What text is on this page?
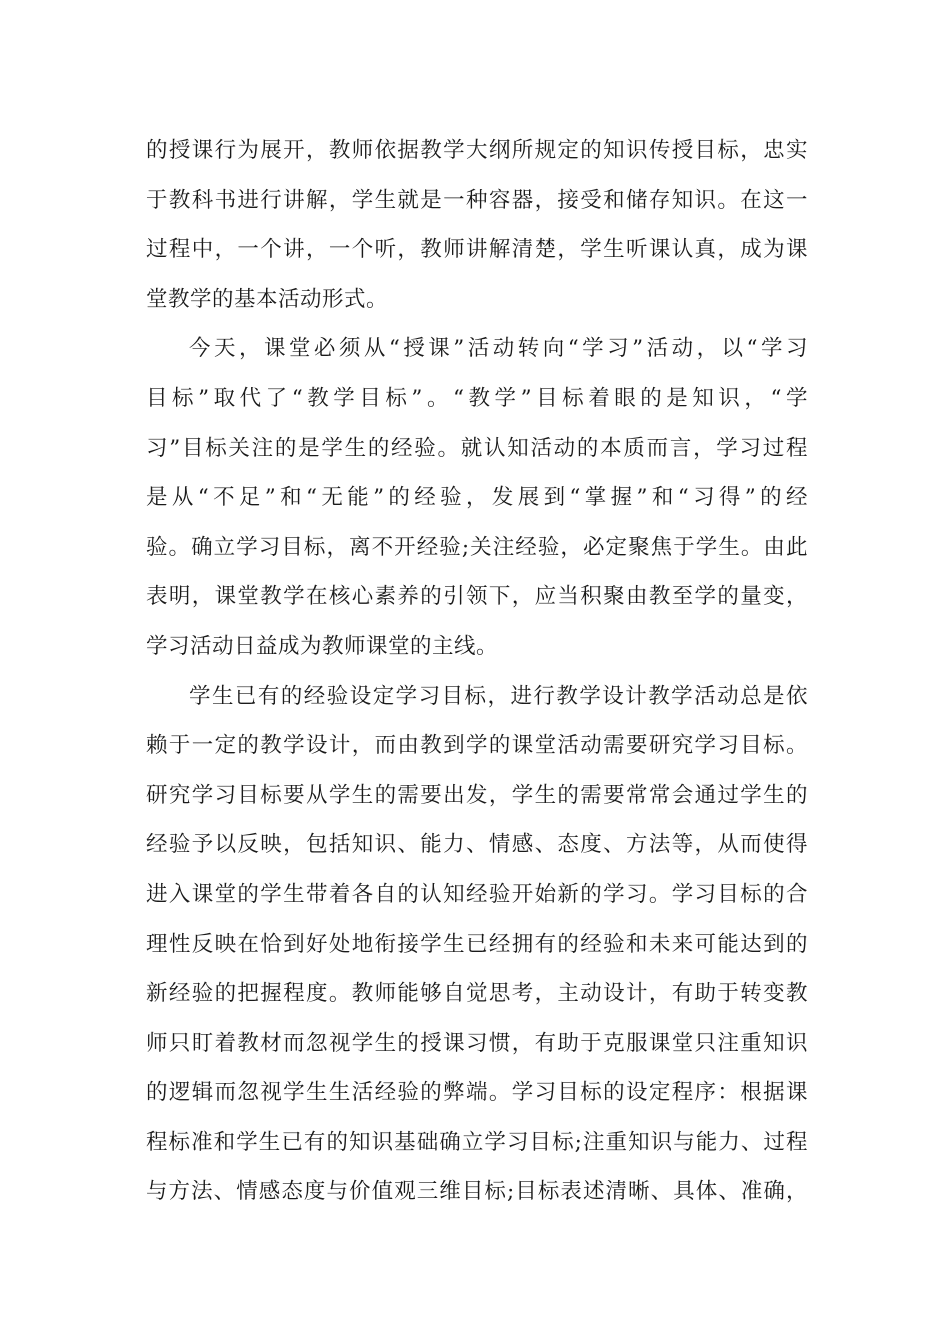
的授课行为展开，教师依据教学大纲所规定的知识传授目标，忠实
于教科书进行讲解，学生就是一种容器，接受和储存知识。在这一
过程中，一个讲，一个听，教师讲解清楚，学生听课认真，成为课
堂教学的基本活动形式。
今天，课堂必须从“授课”活动转向“学习”活动，以“学习
目标”取代了“教学目标”。“教学”目标着眼的是知识，“学
习”目标关注的是学生的经验。就认知活动的本质而言，学习过程
是从“不足”和“无能”的经验，发展到“掌握”和“习得”的经
验。确立学习目标，离不开经验;关注经验，必定聚焦于学生。由此
表明，课堂教学在核心素养的引领下，应当积聚由教至学的量变，
学习活动日益成为教师课堂的主线。
学生已有的经验设定学习目标，进行教学设计教学活动总是依
赖于一定的教学设计，而由教到学的课堂活动需要研究学习目标。
研究学习目标要从学生的需要出发，学生的需要常常会通过学生的
经验予以反映，包括知识、能力、情感、态度、方法等，从而使得
进入课堂的学生带着各自的认知经验开始新的学习。学习目标的合
理性反映在恰到好处地衔接学生已经拥有的经验和未来可能达到的
新经验的把握程度。教师能够自觉思考，主动设计，有助于转变教
师只盯着教材而忽视学生的授课习惯，有助于克服课堂只注重知识
的逻辑而忽视学生生活经验的弊端。学习目标的设定程序：根据课
程标准和学生已有的知识基础确立学习目标;注重知识与能力、过程
与方法、情感态度与价值观三维目标;目标表述清晰、具体、准确，
